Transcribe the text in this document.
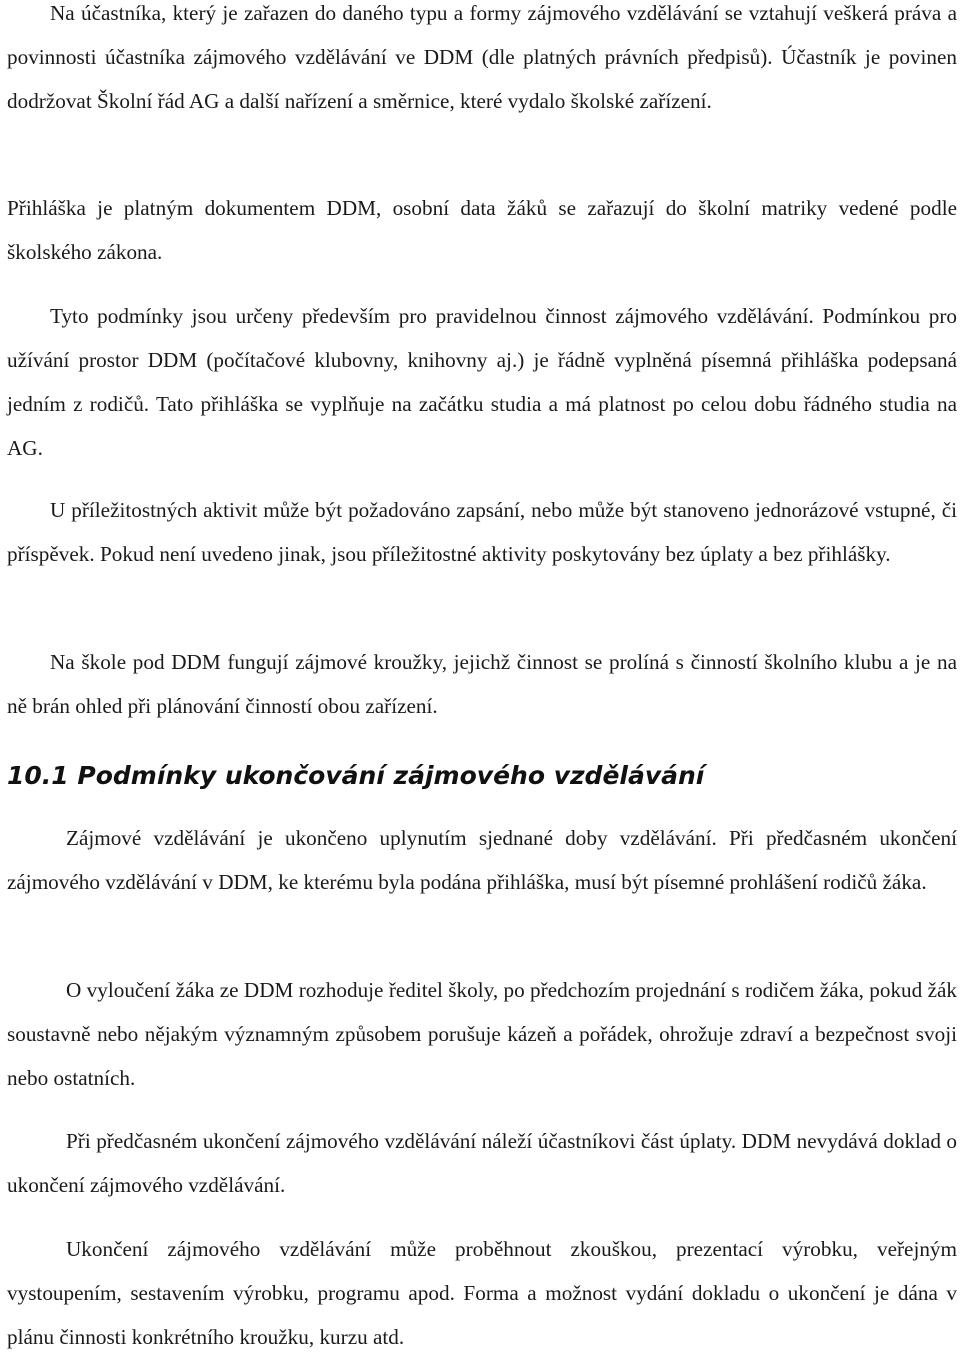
Na účastníka, který je zařazen do daného typu a formy zájmového vzdělávání se vztahují veškerá práva a povinnosti účastníka zájmového vzdělávání ve DDM (dle platných právních předpisů). Účastník je povinen dodržovat Školní řád AG a další nařízení a směrnice, které vydalo školské zařízení.

Přihláška je platným dokumentem DDM, osobní data žáků se zařazují do školní matriky vedené podle školského zákona.

Tyto podmínky jsou určeny především pro pravidelnou činnost zájmového vzdělávání. Podmínkou pro užívání prostor DDM (počítačové klubovny, knihovny aj.) je řádně vyplněná písemná přihláška podepsaná jedním z rodičů. Tato přihláška se vyplňuje na začátku studia a má platnost po celou dobu řádného studia na AG.

U příležitostných aktivit může být požadováno zapsání, nebo může být stanoveno jednorázové vstupné, či příspěvek. Pokud není uvedeno jinak, jsou příležitostné aktivity poskytovány bez úplaty a bez přihlášky.

Na škole pod DDM fungují zájmové kroužky, jejichž činnost se prolíná s činností školního klubu a je na ně brán ohled při plánování činností obou zařízení.

10.1 Podmínky ukončování zájmového vzdělávání

Zájmové vzdělávání je ukončeno uplynutím sjednané doby vzdělávání. Při předčasném ukončení zájmového vzdělávání v DDM, ke kterému byla podána přihláška, musí být písemné prohlášení rodičů žáka.

O vyloučení žáka ze DDM rozhoduje ředitel školy, po předchozím projednání s rodičem žáka, pokud žák soustavně nebo nějakým významným způsobem porušuje kázeň a pořádek, ohrožuje zdraví a bezpečnost svoji nebo ostatních.

Při předčasném ukončení zájmového vzdělávání náleží účastníkovi část úplaty. DDM nevydává doklad o ukončení zájmového vzdělávání.

Ukončení zájmového vzdělávání může proběhnout zkouškou, prezentací výrobku, veřejným vystoupením, sestavením výrobku, programu apod. Forma a možnost vydání dokladu o ukončení je dána v plánu činnosti konkrétního kroužku, kurzu atd.
